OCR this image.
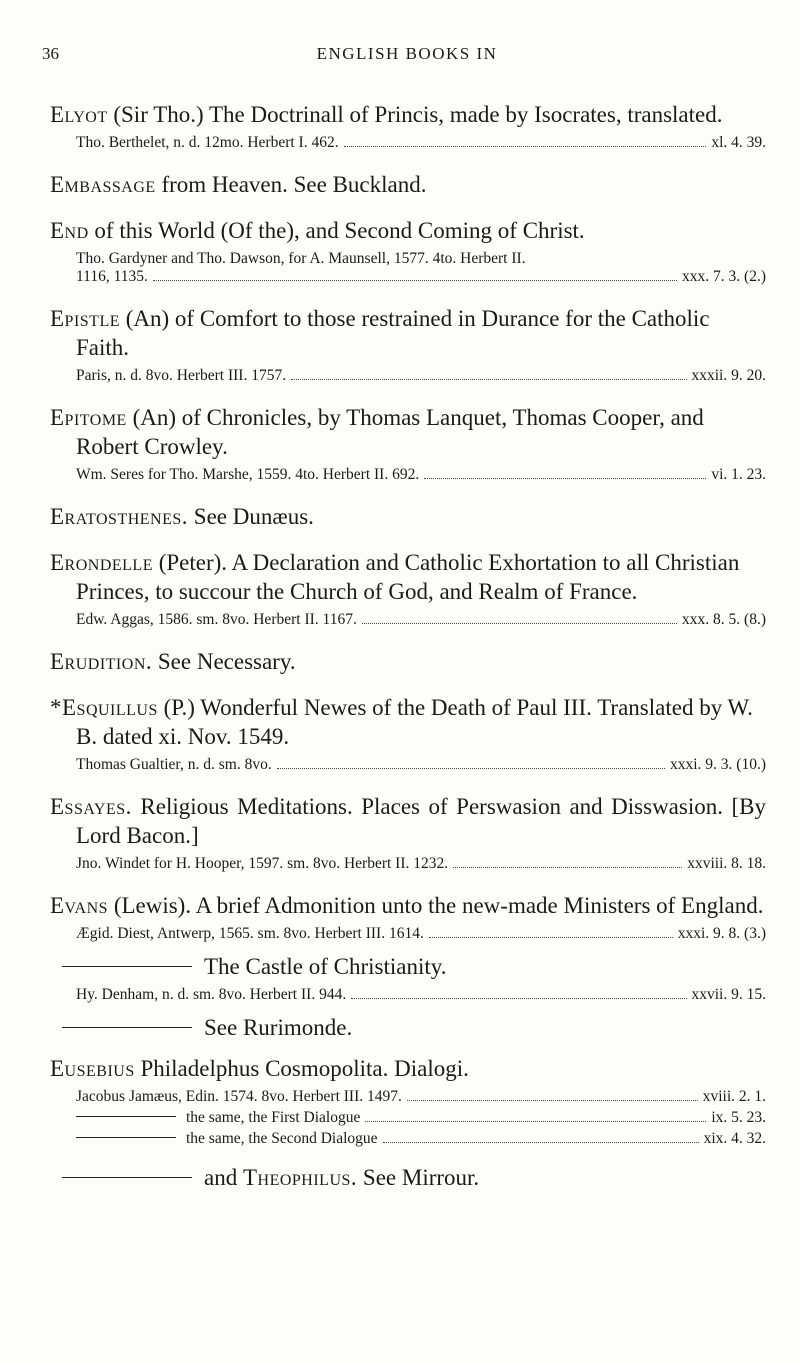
36	ENGLISH BOOKS IN
Elyot (Sir Tho.) The Doctrinall of Princis, made by Isocrates, translated.
Tho. Berthelet, n. d. 12mo. Herbert I. 462.	xl. 4. 39.
Embassage from Heaven. See Buckland.
End of this World (Of the), and Second Coming of Christ.
Tho. Gardyner and Tho. Dawson, for A. Maunsell, 1577. 4to. Herbert II.
1116, 1135.	xxx. 7. 3. (2.)
Epistle (An) of Comfort to those restrained in Durance for the Catholic Faith.
Paris, n. d. 8vo. Herbert III. 1757.	xxxii. 9. 20.
Epitome (An) of Chronicles, by Thomas Lanquet, Thomas Cooper, and Robert Crowley.
Wm. Seres for Tho. Marshe, 1559. 4to. Herbert II. 692.	vi. 1. 23.
Eratosthenes. See Dunæus.
Erondelle (Peter). A Declaration and Catholic Exhortation to all Christian Princes, to succour the Church of God, and Realm of France.
Edw. Aggas, 1586. sm. 8vo. Herbert II. 1167.	xxx. 8. 5. (8.)
Erudition. See Necessary.
*Esquillus (P.) Wonderful Newes of the Death of Paul III. Translated by W. B. dated xi. Nov. 1549.
Thomas Gualtier, n. d. sm. 8vo.	xxxi. 9. 3. (10.)
Essayes. Religious Meditations. Places of Perswasion and Disswasion. [By Lord Bacon.]
Jno. Windet for H. Hooper, 1597. sm. 8vo. Herbert II. 1232.	xxviii. 8. 18.
Evans (Lewis). A brief Admonition unto the new-made Ministers of England.
Ægid. Diest, Antwerp, 1565. sm. 8vo. Herbert III. 1614.	xxxi. 9. 8. (3.)
The Castle of Christianity.
Hy. Denham, n. d. sm. 8vo. Herbert II. 944.	xxvii. 9. 15.
See Rurimonde.
Eusebius Philadelphus Cosmopolita. Dialogi.
Jacobus Jamæus, Edin. 1574. 8vo. Herbert III. 1497.	xviii. 2. 1.
the same, the First Dialogue	ix. 5. 23.
the same, the Second Dialogue	xix. 4. 32.
and Theophilus. See Mirrour.
